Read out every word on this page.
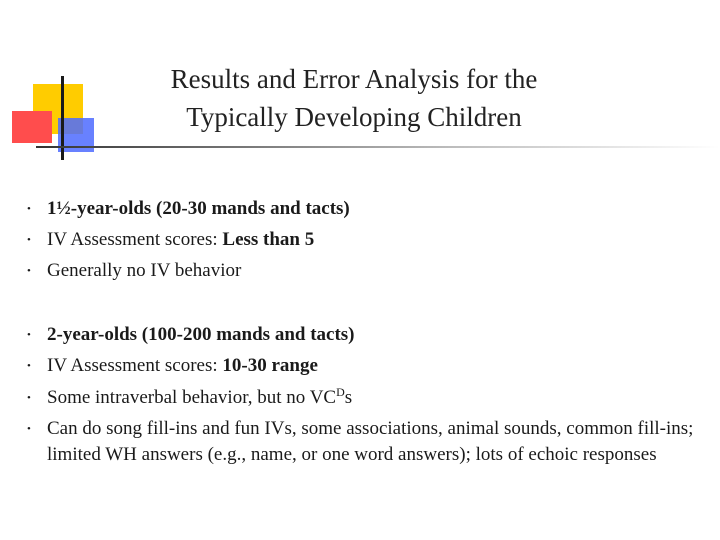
Results and Error Analysis for the
Typically Developing Children
• 1½-year-olds (20-30 mands and tacts)
• IV Assessment scores: Less than 5
• Generally no IV behavior
• 2-year-olds (100-200 mands and tacts)
• IV Assessment scores: 10-30 range
• Some intraverbal behavior, but no $VC^Ds$
• Can do song fill-ins and fun IVs, some associations, animal sounds, common fill-ins; limited WH answers (e.g., name, or one word answers); lots of echoic responses
